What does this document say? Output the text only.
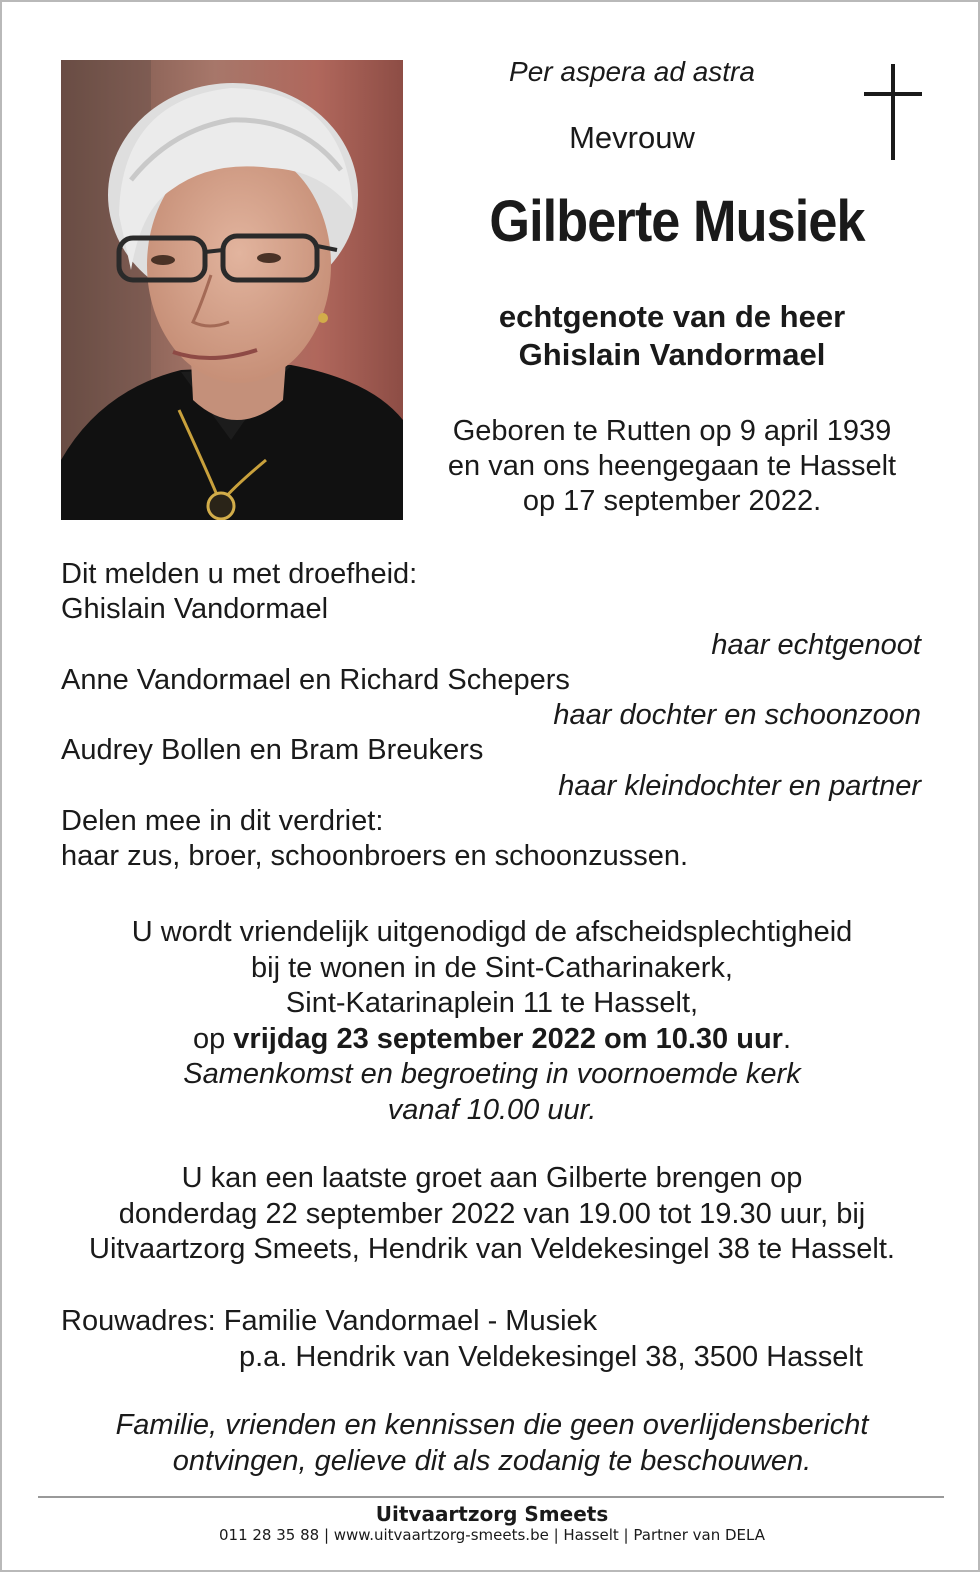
Per aspera ad astra
Mevrouw
Gilberte Musiek
echtgenote van de heer
Ghislain Vandormael
Geboren te Rutten op 9 april 1939
en van ons heengegaan te Hasselt
op 17 september 2022.
Dit melden u met droefheid:
Ghislain Vandormael
haar echtgenoot
Anne Vandormael en Richard Schepers
haar dochter en schoonzoon
Audrey Bollen en Bram Breukers
haar kleindochter en partner
Delen mee in dit verdriet:
haar zus, broer, schoonbroers en schoonzussen.
U wordt vriendelijk uitgenodigd de afscheidsplechtigheid
bij te wonen in de Sint-Catharinakerk,
Sint-Katarinaplein 11 te Hasselt,
op vrijdag 23 september 2022 om 10.30 uur.
Samenkomst en begroeting in voornoemde kerk
vanaf 10.00 uur.
U kan een laatste groet aan Gilberte brengen op
donderdag 22 september 2022 van 19.00 tot 19.30 uur, bij
Uitvaartzorg Smeets, Hendrik van Veldekesingel 38 te Hasselt.
Rouwadres: Familie Vandormael - Musiek
p.a. Hendrik van Veldekesingel 38, 3500 Hasselt
Familie, vrienden en kennissen die geen overlijdensbericht
ontvingen, gelieve dit als zodanig te beschouwen.
Uitvaartzorg Smeets
011 28 35 88 | www.uitvaartzorg-smeets.be | Hasselt | Partner van DELA
